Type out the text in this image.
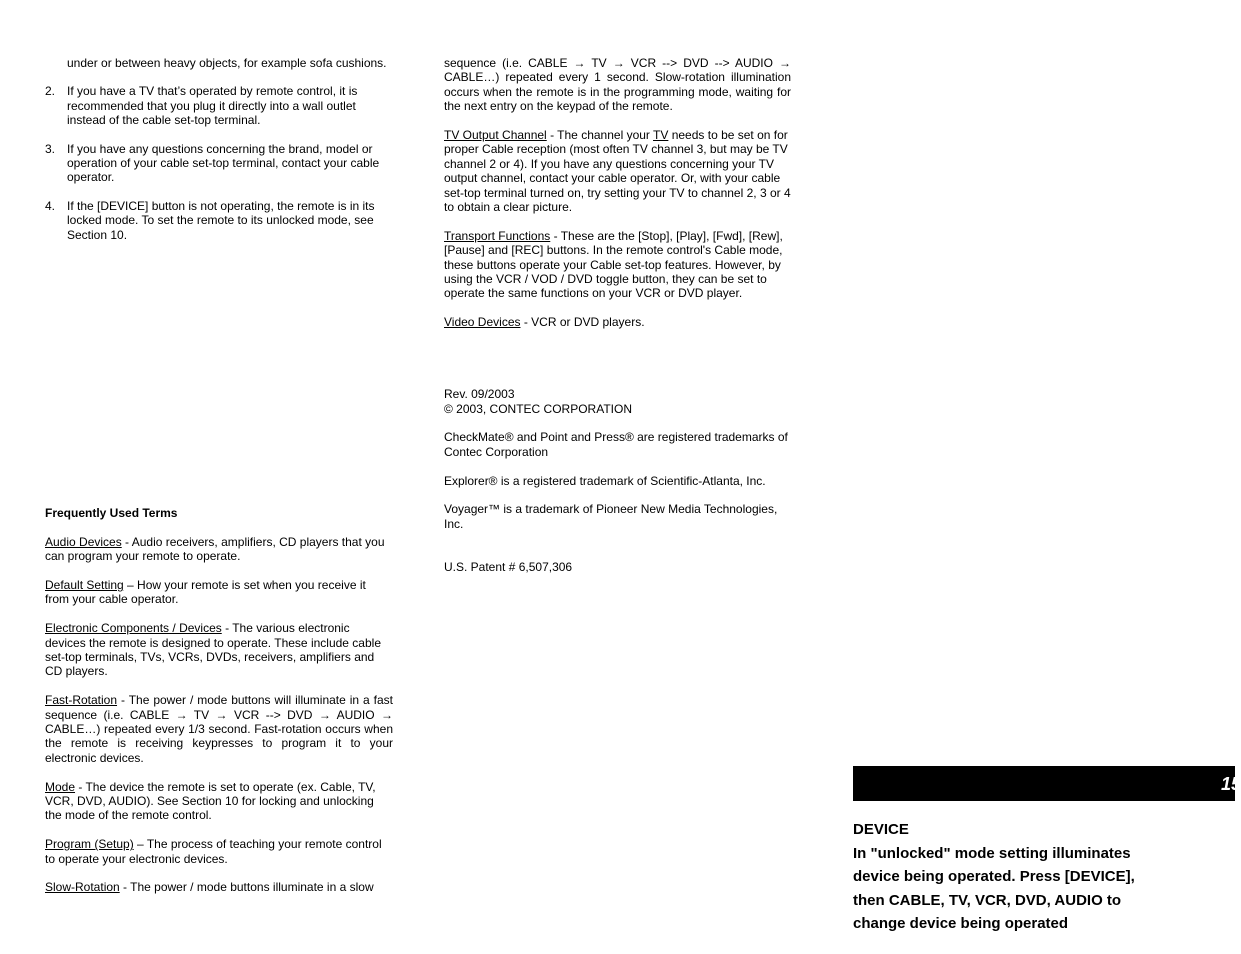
under or between heavy objects, for example sofa cushions.

2. If you have a TV that’s operated by remote control, it is recommended that you plug it directly into a wall outlet instead of the cable set-top terminal.
3. If you have any questions concerning the brand, model or operation of your cable set-top terminal, contact your cable operator.
4. If the [DEVICE] button is not operating, the remote is in its locked mode. To set the remote to its unlocked mode, see Section 10.

Frequently Used Terms

Audio Devices - Audio receivers, amplifiers, CD players that you can program your remote to operate.

Default Setting – How your remote is set when you receive it from your cable operator.

Electronic Components / Devices - The various electronic devices the remote is designed to operate. These include cable set-top terminals, TVs, VCRs, DVDs, receivers, amplifiers and CD players.

Fast-Rotation - The power / mode buttons will illuminate in a fast sequence (i.e. CABLE → TV → VCR --> DVD → AUDIO → CABLE…) repeated every 1/3 second. Fast-rotation occurs when the remote is receiving keypresses to program it to your electronic devices.

Mode - The device the remote is set to operate (ex. Cable, TV, VCR, DVD, AUDIO). See Section 10 for locking and unlocking the mode of the remote control.

Program (Setup) – The process of teaching your remote control to operate your electronic devices.

Slow-Rotation - The power / mode buttons illuminate in a slow

sequence (i.e. CABLE → TV → VCR --> DVD --> AUDIO → CABLE…) repeated every 1 second. Slow-rotation illumination occurs when the remote is in the programming mode, waiting for the next entry on the keypad of the remote.

TV Output Channel - The channel your TV needs to be set on for proper Cable reception (most often TV channel 3, but may be TV channel 2 or 4). If you have any questions concerning your TV output channel, contact your cable operator. Or, with your cable set-top terminal turned on, try setting your TV to channel 2, 3 or 4 to obtain a clear picture.

Transport Functions - These are the [Stop], [Play], [Fwd], [Rew], [Pause] and [REC] buttons. In the remote control's Cable mode, these buttons operate your Cable set-top features. However, by using the VCR / VOD / DVD toggle button, they can be set to operate the same functions on your VCR or DVD player.

Video Devices - VCR or DVD players.

Rev. 09/2003

© 2003, CONTEC CORPORATION

CheckMate® and Point and Press® are registered trademarks of Contec Corporation

Explorer® is a registered trademark of Scientific-Atlanta, Inc.

Voyager™ is a trademark of Pioneer New Media Technologies, Inc.

U.S. Patent # 6,507,306

15
DEVICE
In "unlocked" mode setting illuminates
device being operated. Press [DEVICE],
then CABLE, TV, VCR, DVD, AUDIO to
change device being operated
